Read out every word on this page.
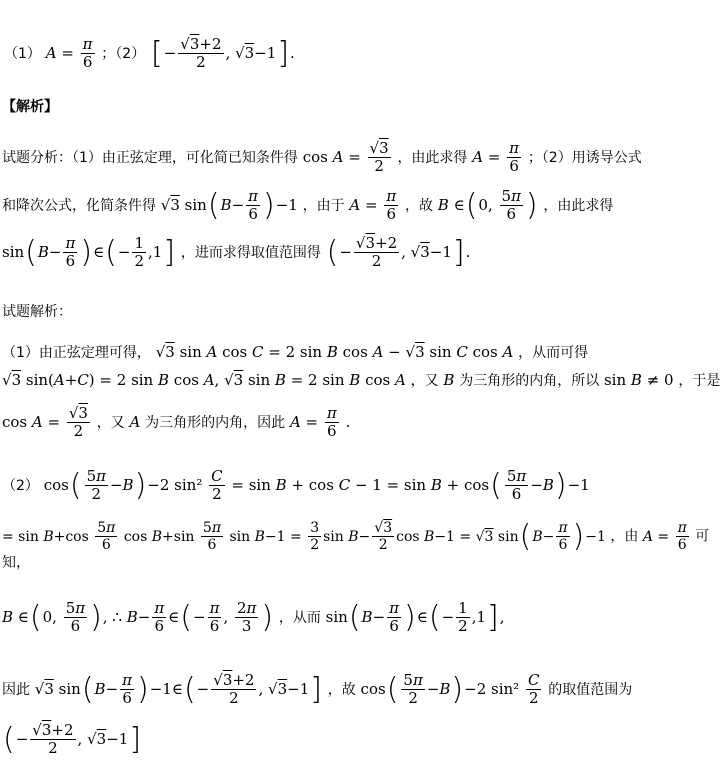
（1） $A = \frac{\pi}{6}$ ；（2） [ − $\frac{√3+2}{2}$ , √ 3 −1 ] .
【解析】
试题分析：（1）由正弦定理，可化简已知条件得 $\cos A = \frac{√3}{2}$ ，由此求得 $A = \frac{\pi}{6}$ ；（2）用诱导公式
和降次公式，化简条件得 √ 3 sin ( $B - \frac{\pi}{6}$ ) −1 ，由于 $A = \frac{\pi}{6}$ ，故 B ∈ ( 0, $\frac{5\pi}{6}$ ) ，由此求得
sin ( $B - \frac{\pi}{6}$ ) ∈ ( − $\frac{1}{2} ,1$ ] ，进而求得取值范围得 ( − $\frac{√3+2}{2}$ , √ 3 −1 ] .
试题解析：
（1）由正弦定理可得， √3 sin A cos C = 2 sin B cos A − √3 sin C cos A ，从而可得
√3 sin(A+C) = 2 sin B cos A, √3 sin B = 2 sin B cos A ，又 B 为三角形的内角，所以 sin B ≠ 0 ，于是
$\cos A = \frac{√3}{2}$ ，又 A 为三角形的内角，因此 $A = \frac{\pi}{6}$ .
（2） cos ( $\frac{5\pi}{2} - B$ ) −2 $\sin^2 \frac{C}{2} = \sin B + \cos C - 1 = \sin B + \cos$ ( $\frac{5\pi}{6} - B$ ) −1
= $\sin B +\cos \frac{5\pi}{6}$ $\cos B +\sin \frac{5\pi}{6}$ $\sin B -1 = \frac{3}{2}$ $\sin B - \frac{√3}{2}$ cos B −1 = √ 3 sin ( $B - \frac{\pi}{6}$ ) −1 ，由 $A = \frac{\pi}{6}$ 可
知，
B ∈ ( 0, $\frac{5\pi}{6}$ ) , ∴ $B - \frac{\pi}{6}$ ∈ ( − $\frac{\pi}{6}$ , $\frac{2\pi}{3}$ ) ，从而 sin ( $B - \frac{\pi}{6}$ ) ∈ ( − $\frac{1}{2} ,1$ ] ,
因此 √ 3 sin ( $B - \frac{\pi}{6}$ ) −1∈ ( − $\frac{√3+2}{2}$ , √ 3 −1 ] ，故 cos ( $\frac{5\pi}{2} - B$ ) −2 $\sin^2 \frac{C}{2}$ 的取值范围为
( − $\frac{√3+2}{2}$ , √ 3 −1 ]
